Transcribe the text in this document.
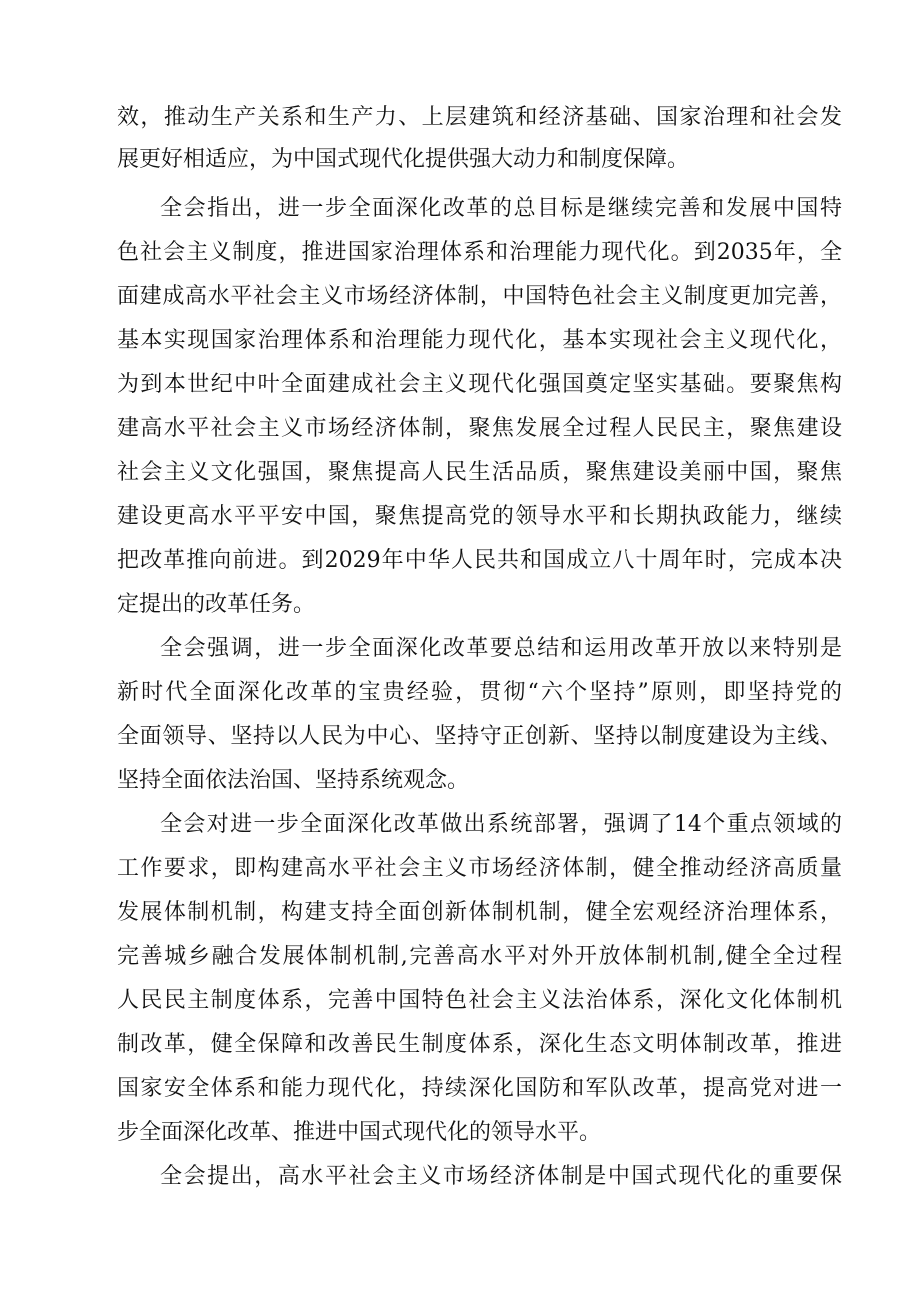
效，推动生产关系和生产力、上层建筑和经济基础、国家治理和社会发
展更好相适应，为中国式现代化提供强大动力和制度保障。
全会指出，进一步全面深化改革的总目标是继续完善和发展中国特
色社会主义制度，推进国家治理体系和治理能力现代化。到2035年，全
面建成高水平社会主义市场经济体制，中国特色社会主义制度更加完善，
基本实现国家治理体系和治理能力现代化，基本实现社会主义现代化，
为到本世纪中叶全面建成社会主义现代化强国奠定坚实基础。要聚焦构
建高水平社会主义市场经济体制，聚焦发展全过程人民民主，聚焦建设
社会主义文化强国，聚焦提高人民生活品质，聚焦建设美丽中国，聚焦
建设更高水平平安中国，聚焦提高党的领导水平和长期执政能力，继续
把改革推向前进。到2029年中华人民共和国成立八十周年时，完成本决
定提出的改革任务。
全会强调，进一步全面深化改革要总结和运用改革开放以来特别是
新时代全面深化改革的宝贵经验，贯彻“六个坚持”原则，即坚持党的
全面领导、坚持以人民为中心、坚持守正创新、坚持以制度建设为主线、
坚持全面依法治国、坚持系统观念。
全会对进一步全面深化改革做出系统部署，强调了14个重点领域的
工作要求，即构建高水平社会主义市场经济体制，健全推动经济高质量
发展体制机制，构建支持全面创新体制机制，健全宏观经济治理体系，
完善城乡融合发展体制机制,完善高水平对外开放体制机制,健全全过程
人民民主制度体系，完善中国特色社会主义法治体系，深化文化体制机
制改革，健全保障和改善民生制度体系，深化生态文明体制改革，推进
国家安全体系和能力现代化，持续深化国防和军队改革，提高党对进一
步全面深化改革、推进中国式现代化的领导水平。
全会提出，高水平社会主义市场经济体制是中国式现代化的重要保
